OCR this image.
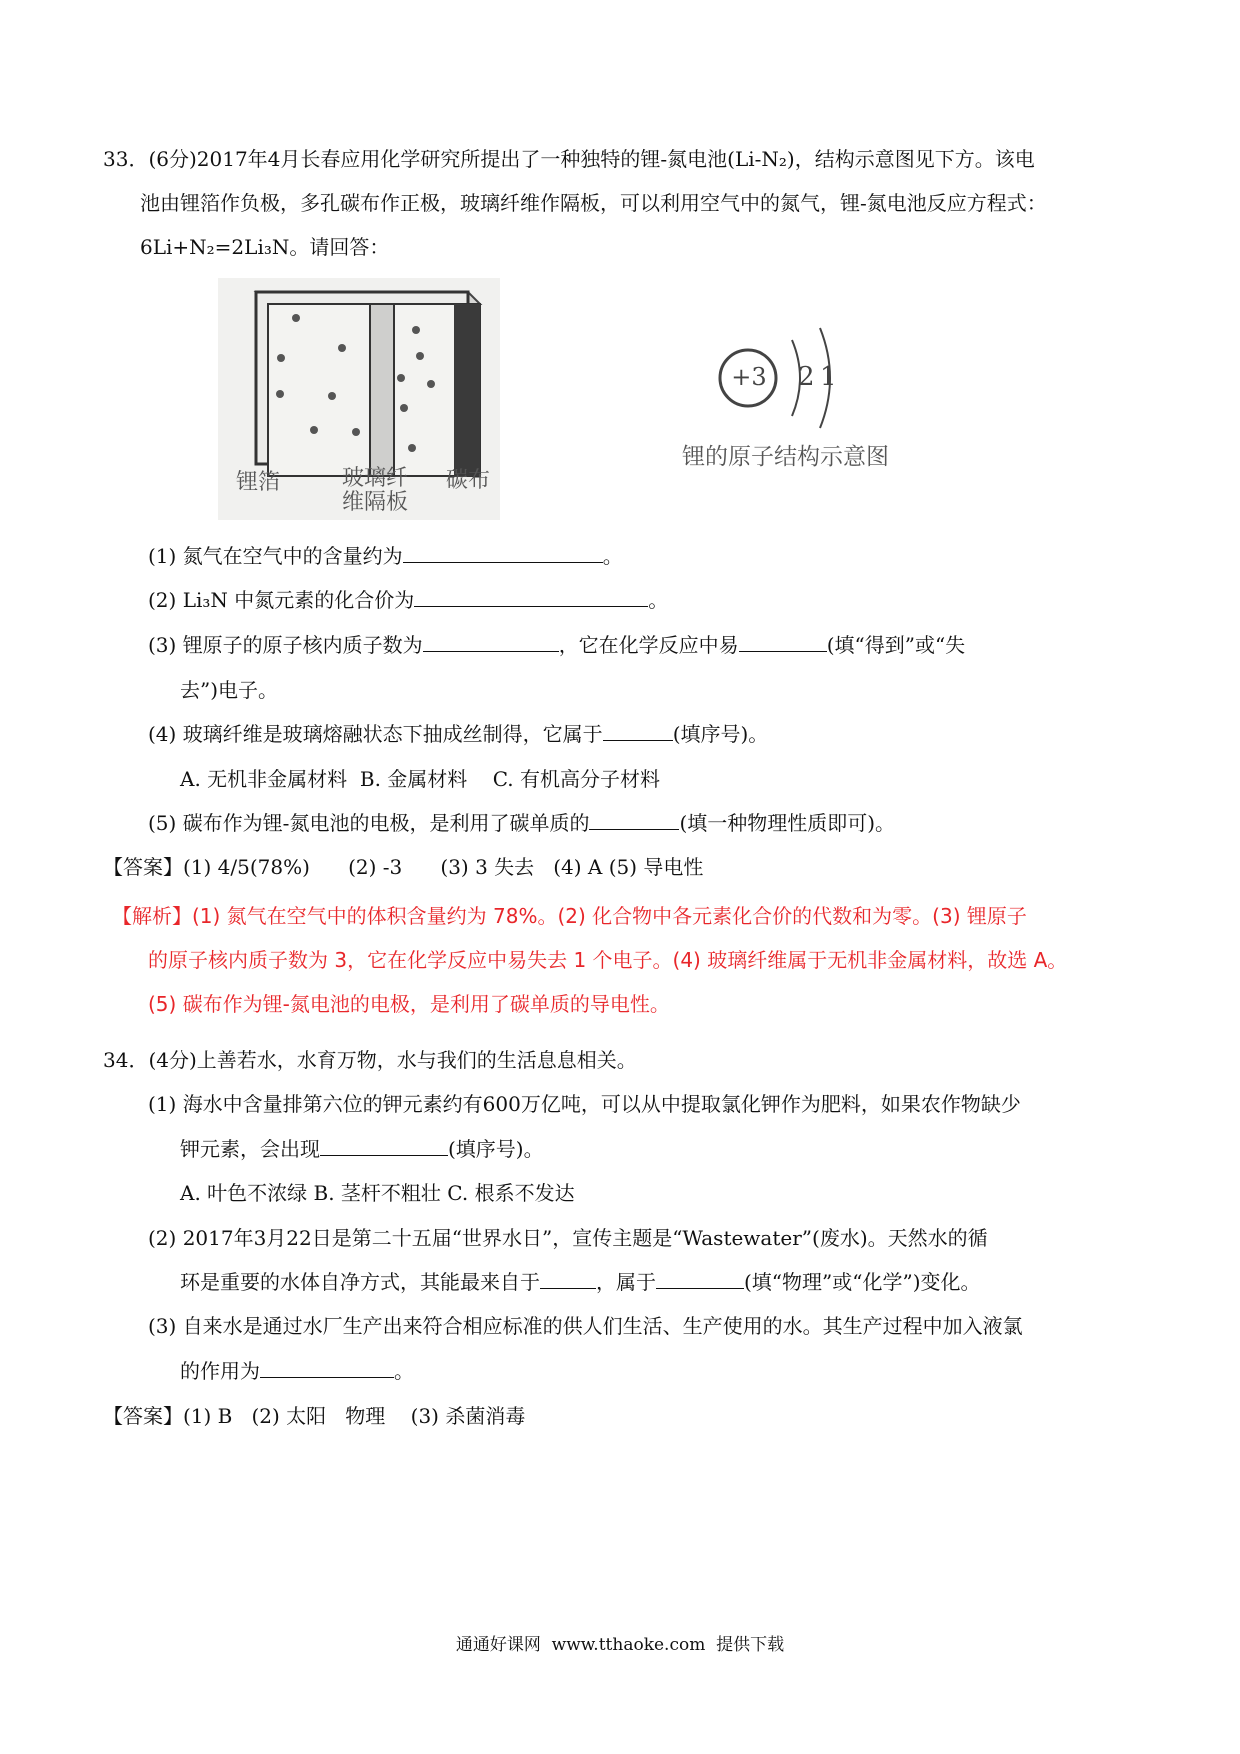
33．(6分)2017年4月长春应用化学研究所提出了一种独特的锂-氮电池(Li-N₂)，结构示意图见下方。该电
池由锂箔作负极，多孔碳布作正极，玻璃纤维作隔板，可以利用空气中的氮气，锂-氮电池反应方程式：
6Li+N₂=2Li₃N。请回答：
锂箔	玻璃纤
维隔板
碳布
+3 2 1
锂的原子结构示意图
(1) 氮气在空气中的含量约为	。
(2) Li₃N 中氮元素的化合价为	。
(3) 锂原子的原子核内质子数为	，它在化学反应中易	(填“得到”或“失
去”)电子。
(4) 玻璃纤维是玻璃熔融状态下抽成丝制得，它属于	(填序号)。
A. 无机非金属材料  B. 金属材料    C. 有机高分子材料
(5) 碳布作为锂-氮电池的电极，是利用了碳单质的	(填一种物理性质即可)。
【答案】(1) 4/5(78%)      (2) -3      (3) 3 失去   (4) A (5) 导电性
【解析】(1) 氮气在空气中的体积含量约为 78%。(2) 化合物中各元素化合价的代数和为零。(3) 锂原子
的原子核内质子数为 3，它在化学反应中易失去 1 个电子。(4) 玻璃纤维属于无机非金属材料，故选 A。
(5) 碳布作为锂-氮电池的电极，是利用了碳单质的导电性。
34．(4分)上善若水，水育万物，水与我们的生活息息相关。
(1) 海水中含量排第六位的钾元素约有600万亿吨，可以从中提取氯化钾作为肥料，如果农作物缺少
钾元素，会出现	(填序号)。
A. 叶色不浓绿 B. 茎杆不粗壮 C. 根系不发达
(2) 2017年3月22日是第二十五届“世界水日”，宣传主题是“Wastewater”(废水)。天然水的循
环是重要的水体自净方式，其能最来自于	，属于	(填“物理”或“化学”)变化。
(3) 自来水是通过水厂生产出来符合相应标准的供人们生活、生产使用的水。其生产过程中加入液氯
的作用为	。
【答案】(1) B   (2) 太阳   物理    (3) 杀菌消毒
通通好课网  www.tthaoke.com  提供下载
